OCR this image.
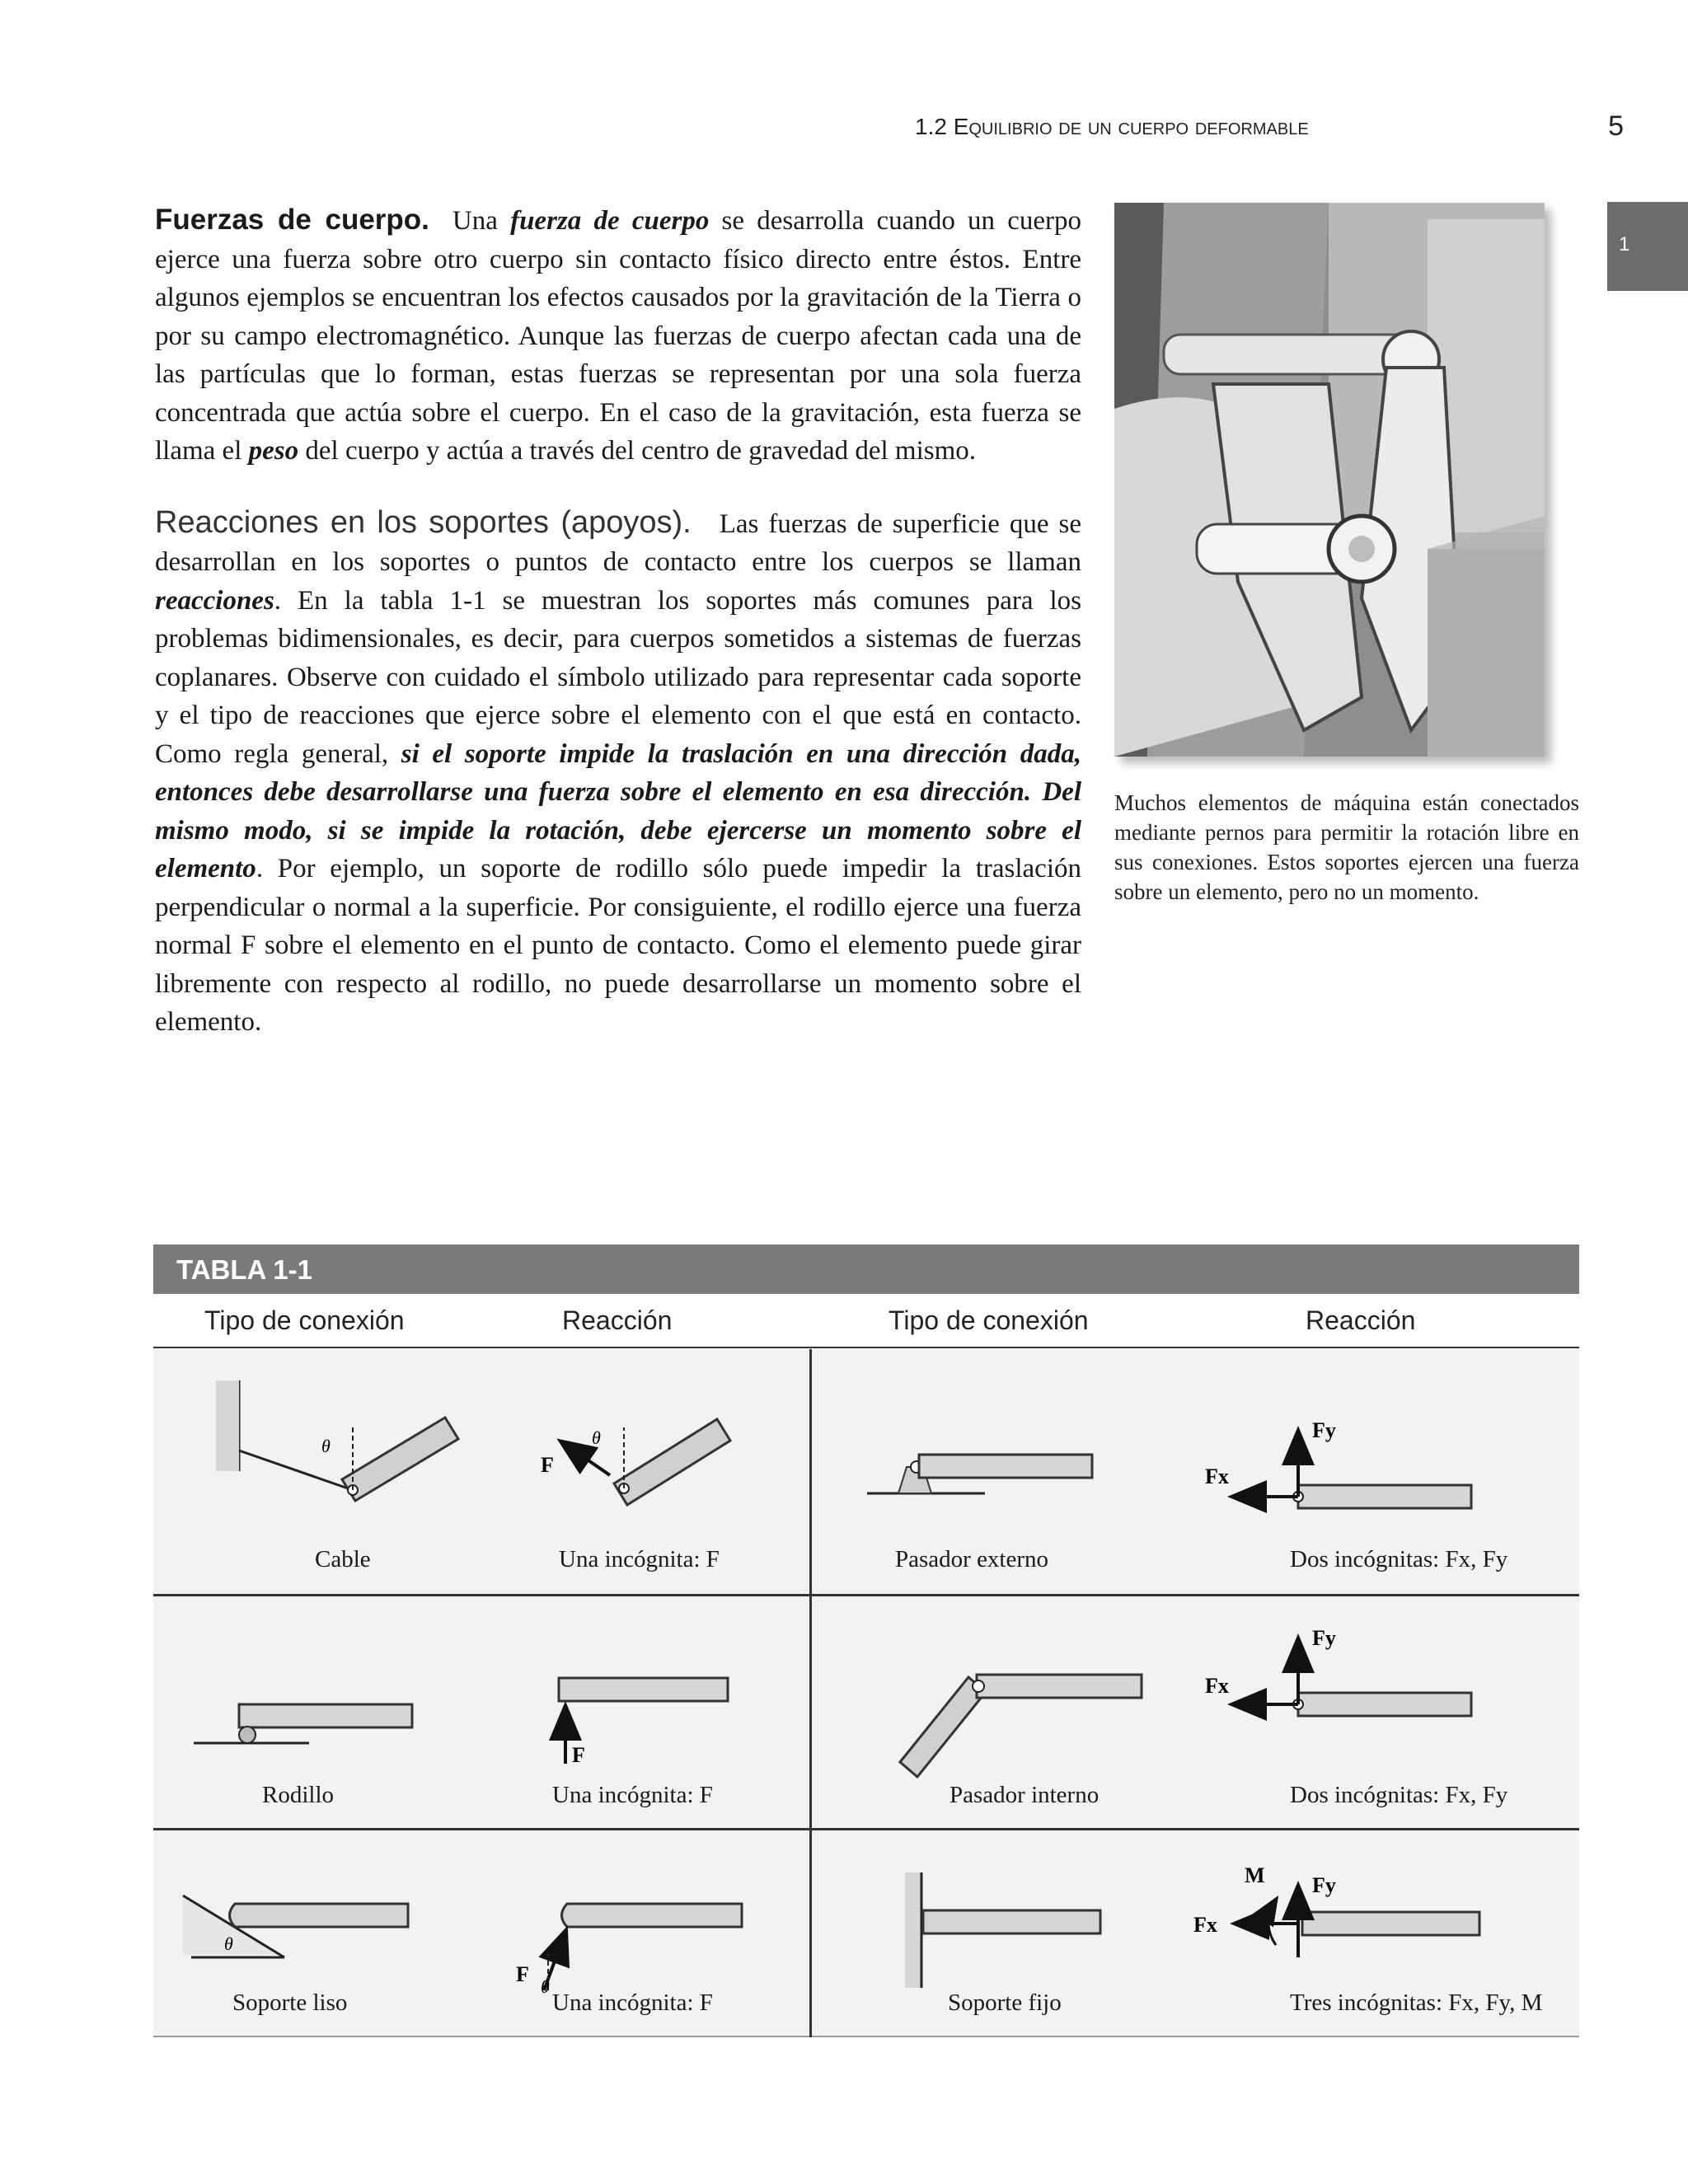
1.2 Equilibrio de un cuerpo deformable	5
1

Fuerzas de cuerpo. Una fuerza de cuerpo se desarrolla cuando un cuerpo ejerce una fuerza sobre otro cuerpo sin contacto físico directo entre éstos. Entre algunos ejemplos se encuentran los efectos causados por la gravitación de la Tierra o por su campo electromagnético. Aunque las fuerzas de cuerpo afectan cada una de las partículas que lo forman, estas fuerzas se representan por una sola fuerza concentrada que actúa sobre el cuerpo. En el caso de la gravitación, esta fuerza se llama el peso del cuerpo y actúa a través del centro de gravedad del mismo.

Reacciones en los soportes (apoyos). Las fuerzas de superficie que se desarrollan en los soportes o puntos de contacto entre los cuerpos se llaman reacciones. En la tabla 1-1 se muestran los soportes más comunes para los problemas bidimensionales, es decir, para cuerpos sometidos a sistemas de fuerzas coplanares. Observe con cuidado el símbolo utilizado para representar cada soporte y el tipo de reacciones que ejerce sobre el elemento con el que está en contacto. Como regla general, si el soporte impide la traslación en una dirección dada, entonces debe desarrollarse una fuerza sobre el elemento en esa dirección. Del mismo modo, si se impide la rotación, debe ejercerse un momento sobre el elemento. Por ejemplo, un soporte de rodillo sólo puede impedir la traslación perpendicular o normal a la superficie. Por consiguiente, el rodillo ejerce una fuerza normal F sobre el elemento en el punto de contacto. Como el elemento puede girar libremente con respecto al rodillo, no puede desarrollarse un momento sobre el elemento.

Muchos elementos de máquina están conectados mediante pernos para permitir la rotación libre en sus conexiones. Estos soportes ejercen una fuerza sobre un elemento, pero no un momento.
TABLA 1-1
Tipo de conexión	Reacción	Tipo de conexión	Reacción
θ
F
θ	Fy
Fx
F
Fy
Fx
θ
F
θ
Fy
Fx
M
Cable	Una incógnita: F	Pasador externo	Dos incógnitas: Fx, Fy
Rodillo	Una incógnita: F	Pasador interno	Dos incógnitas: Fx, Fy
Soporte liso	Una incógnita: F	Soporte fijo	Tres incógnitas: Fx, Fy, M
